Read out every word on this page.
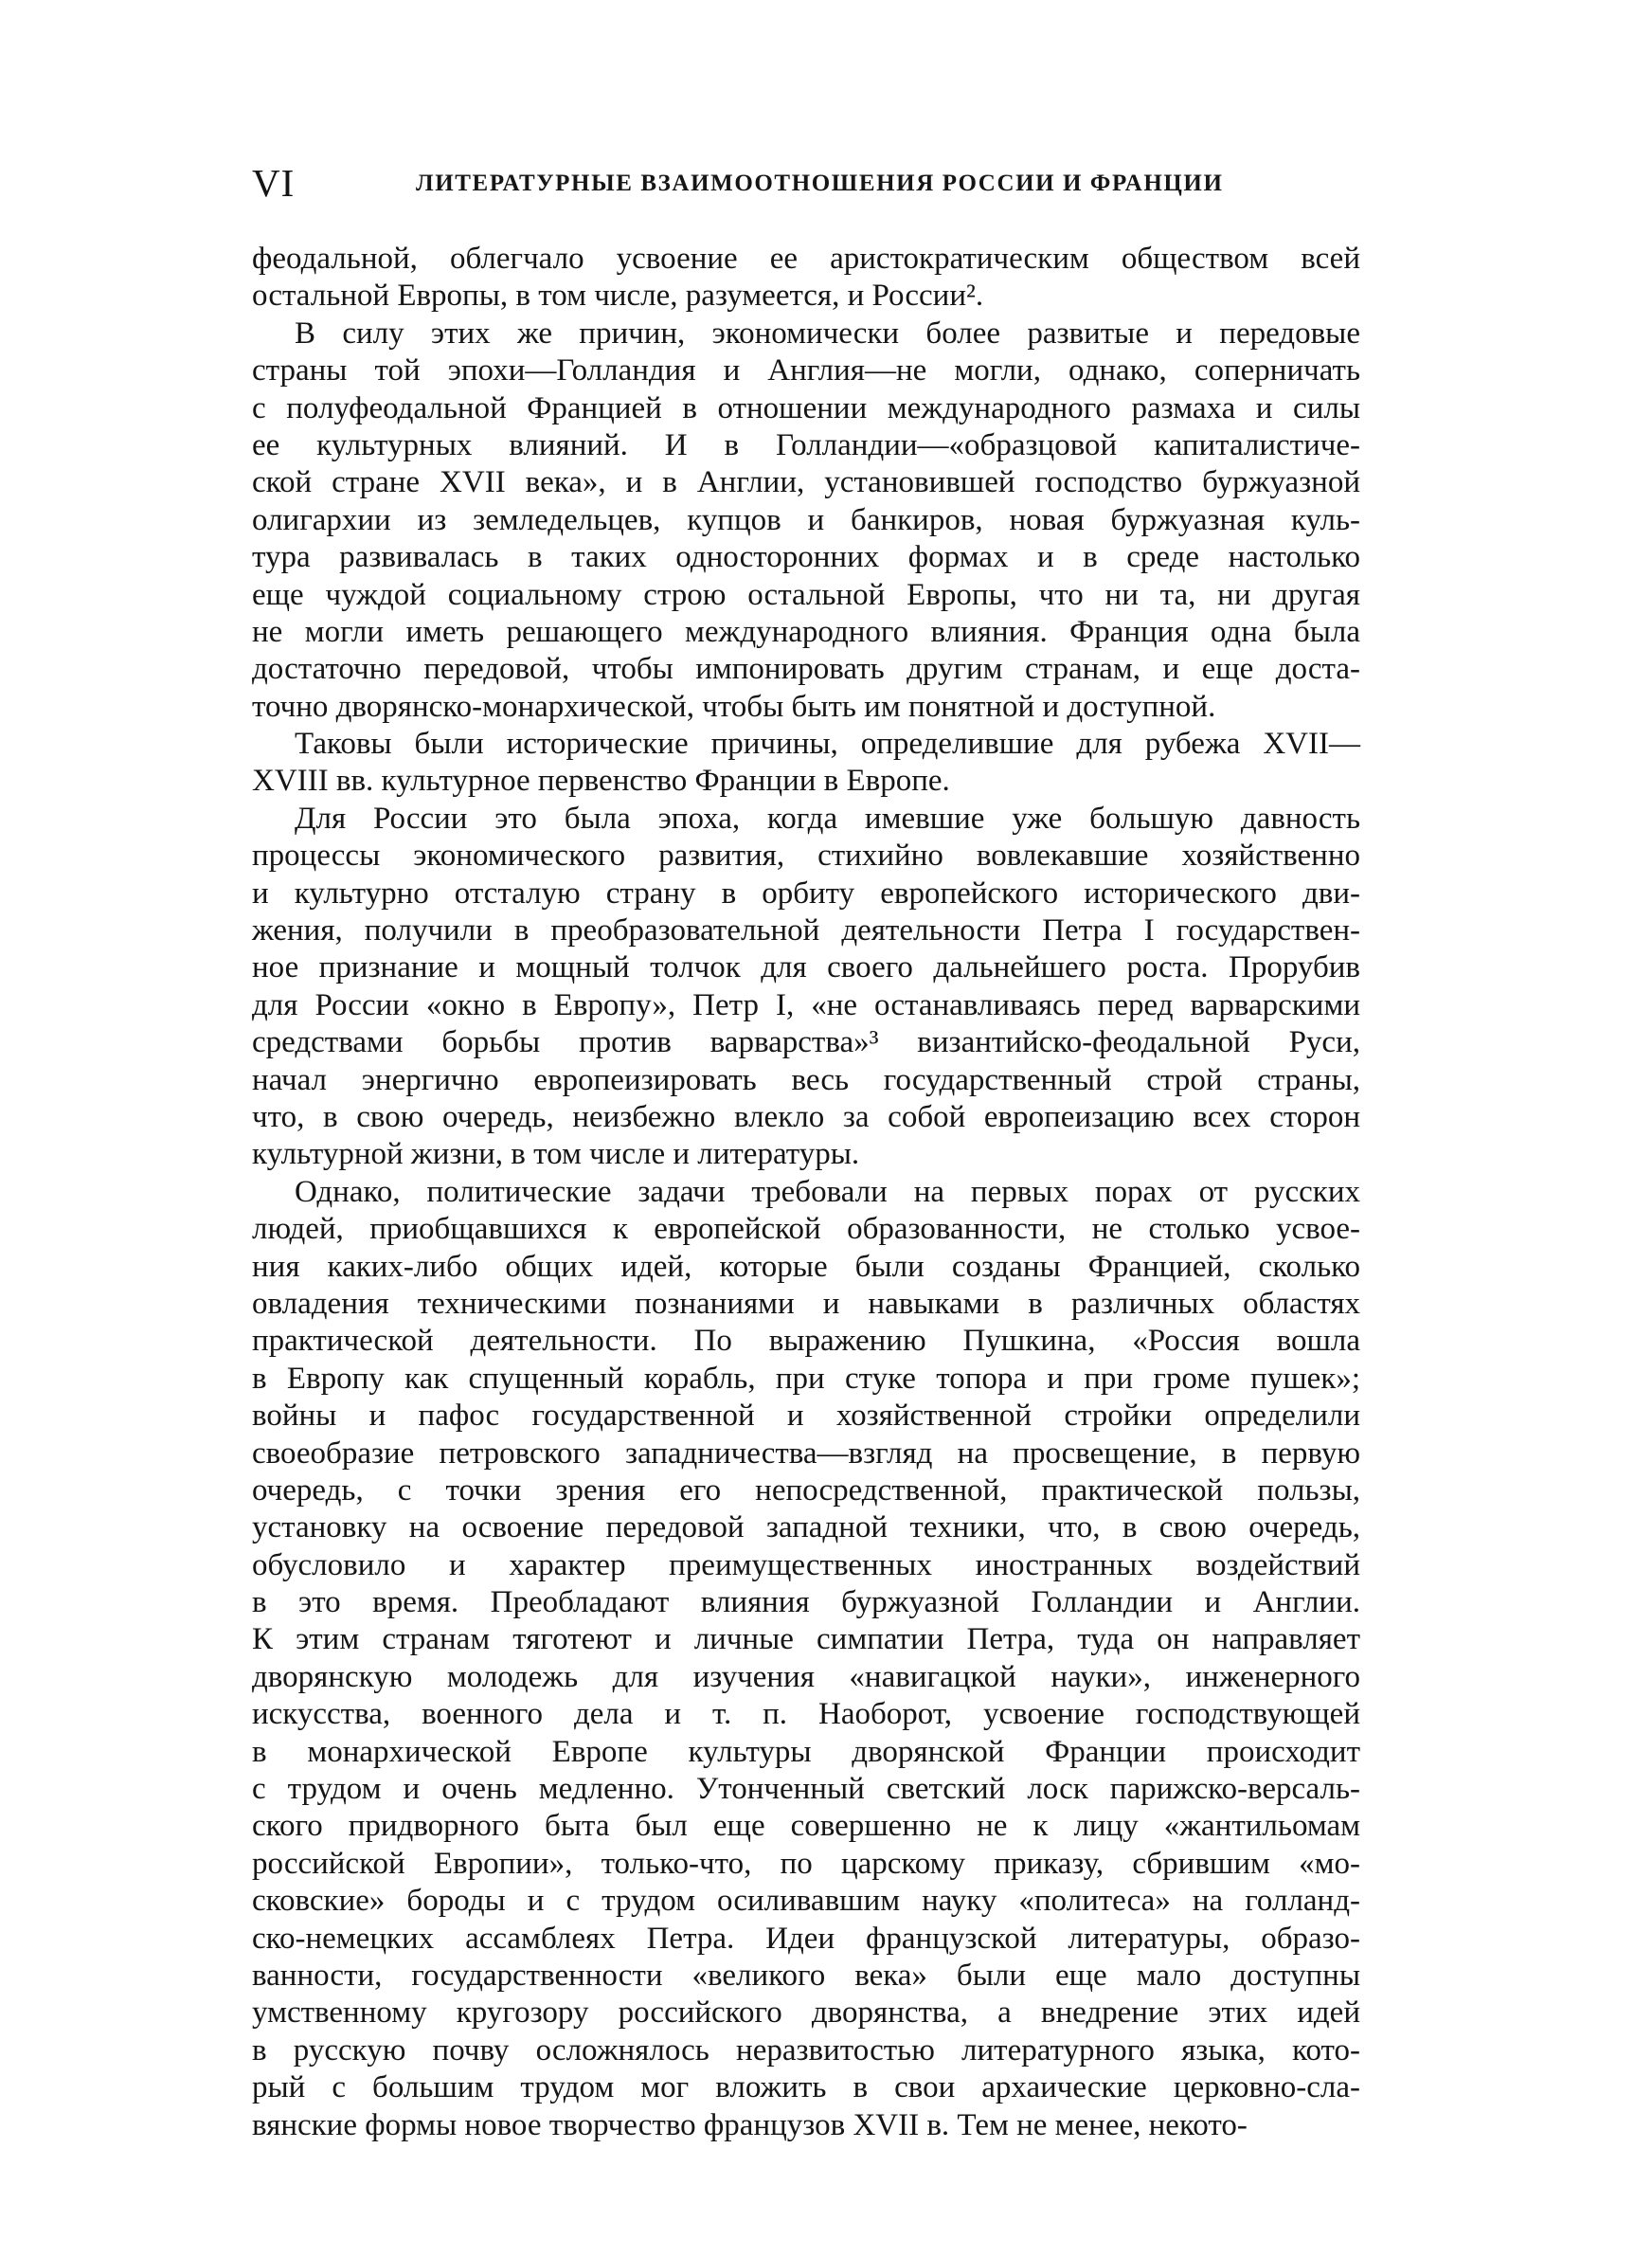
VI	ЛИТЕРАТУРНЫЕ ВЗАИМООТНОШЕНИЯ РОССИИ И ФРАНЦИИ
феодальной, облегчало усвоение ее аристократическим обществом всей
остальной Европы, в том числе, разумеется, и России².
В силу этих же причин, экономически более развитые и передовые
страны той эпохи—Голландия и Англия—не могли, однако, соперничать
с полуфеодальной Францией в отношении международного размаха и силы
ее культурных влияний. И в Голландии—«образцовой капиталистиче-
ской стране XVII века», и в Англии, установившей господство буржуазной
олигархии из земледельцев, купцов и банкиров, новая буржуазная куль-
тура развивалась в таких односторонних формах и в среде настолько
еще чуждой социальному строю остальной Европы, что ни та, ни другая
не могли иметь решающего международного влияния. Франция одна была
достаточно передовой, чтобы импонировать другим странам, и еще доста-
точно дворянско-монархической, чтобы быть им понятной и доступной.
Таковы были исторические причины, определившие для рубежа XVII—
XVIII вв. культурное первенство Франции в Европе.
Для России это была эпоха, когда имевшие уже большую давность
процессы экономического развития, стихийно вовлекавшие хозяйственно
и культурно отсталую страну в орбиту европейского исторического дви-
жения, получили в преобразовательной деятельности Петра I государствен-
ное признание и мощный толчок для своего дальнейшего роста. Прорубив
для России «окно в Европу», Петр I, «не останавливаясь перед варварскими
средствами борьбы против варварства»³ византийско-феодальной Руси,
начал энергично европеизировать весь государственный строй страны,
что, в свою очередь, неизбежно влекло за собой европеизацию всех сторон
культурной жизни, в том числе и литературы.
Однако, политические задачи требовали на первых порах от русских
людей, приобщавшихся к европейской образованности, не столько усвое-
ния каких-либо общих идей, которые были созданы Францией, сколько
овладения техническими познаниями и навыками в различных областях
практической деятельности. По выражению Пушкина, «Россия вошла
в Европу как спущенный корабль, при стуке топора и при громе пушек»;
войны и пафос государственной и хозяйственной стройки определили
своеобразие петровского западничества—взгляд на просвещение, в первую
очередь, с точки зрения его непосредственной, практической пользы,
установку на освоение передовой западной техники, что, в свою очередь,
обусловило и характер преимущественных иностранных воздействий
в это время. Преобладают влияния буржуазной Голландии и Англии.
К этим странам тяготеют и личные симпатии Петра, туда он направляет
дворянскую молодежь для изучения «навигацкой науки», инженерного
искусства, военного дела и т. п. Наоборот, усвоение господствующей
в монархической Европе культуры дворянской Франции происходит
с трудом и очень медленно. Утонченный светский лоск парижско-версаль-
ского придворного быта был еще совершенно не к лицу «жантильомам
российской Европии», только-что, по царскому приказу, сбрившим «мо-
сковские» бороды и с трудом осиливавшим науку «политеса» на голланд-
ско-немецких ассамблеях Петра. Идеи французской литературы, образо-
ванности, государственности «великого века» были еще мало доступны
умственному кругозору российского дворянства, а внедрение этих идей
в русскую почву осложнялось неразвитостью литературного языка, кото-
рый с большим трудом мог вложить в свои архаические церковно-сла-
вянские формы новое творчество французов XVII в. Тем не менее, некото-
